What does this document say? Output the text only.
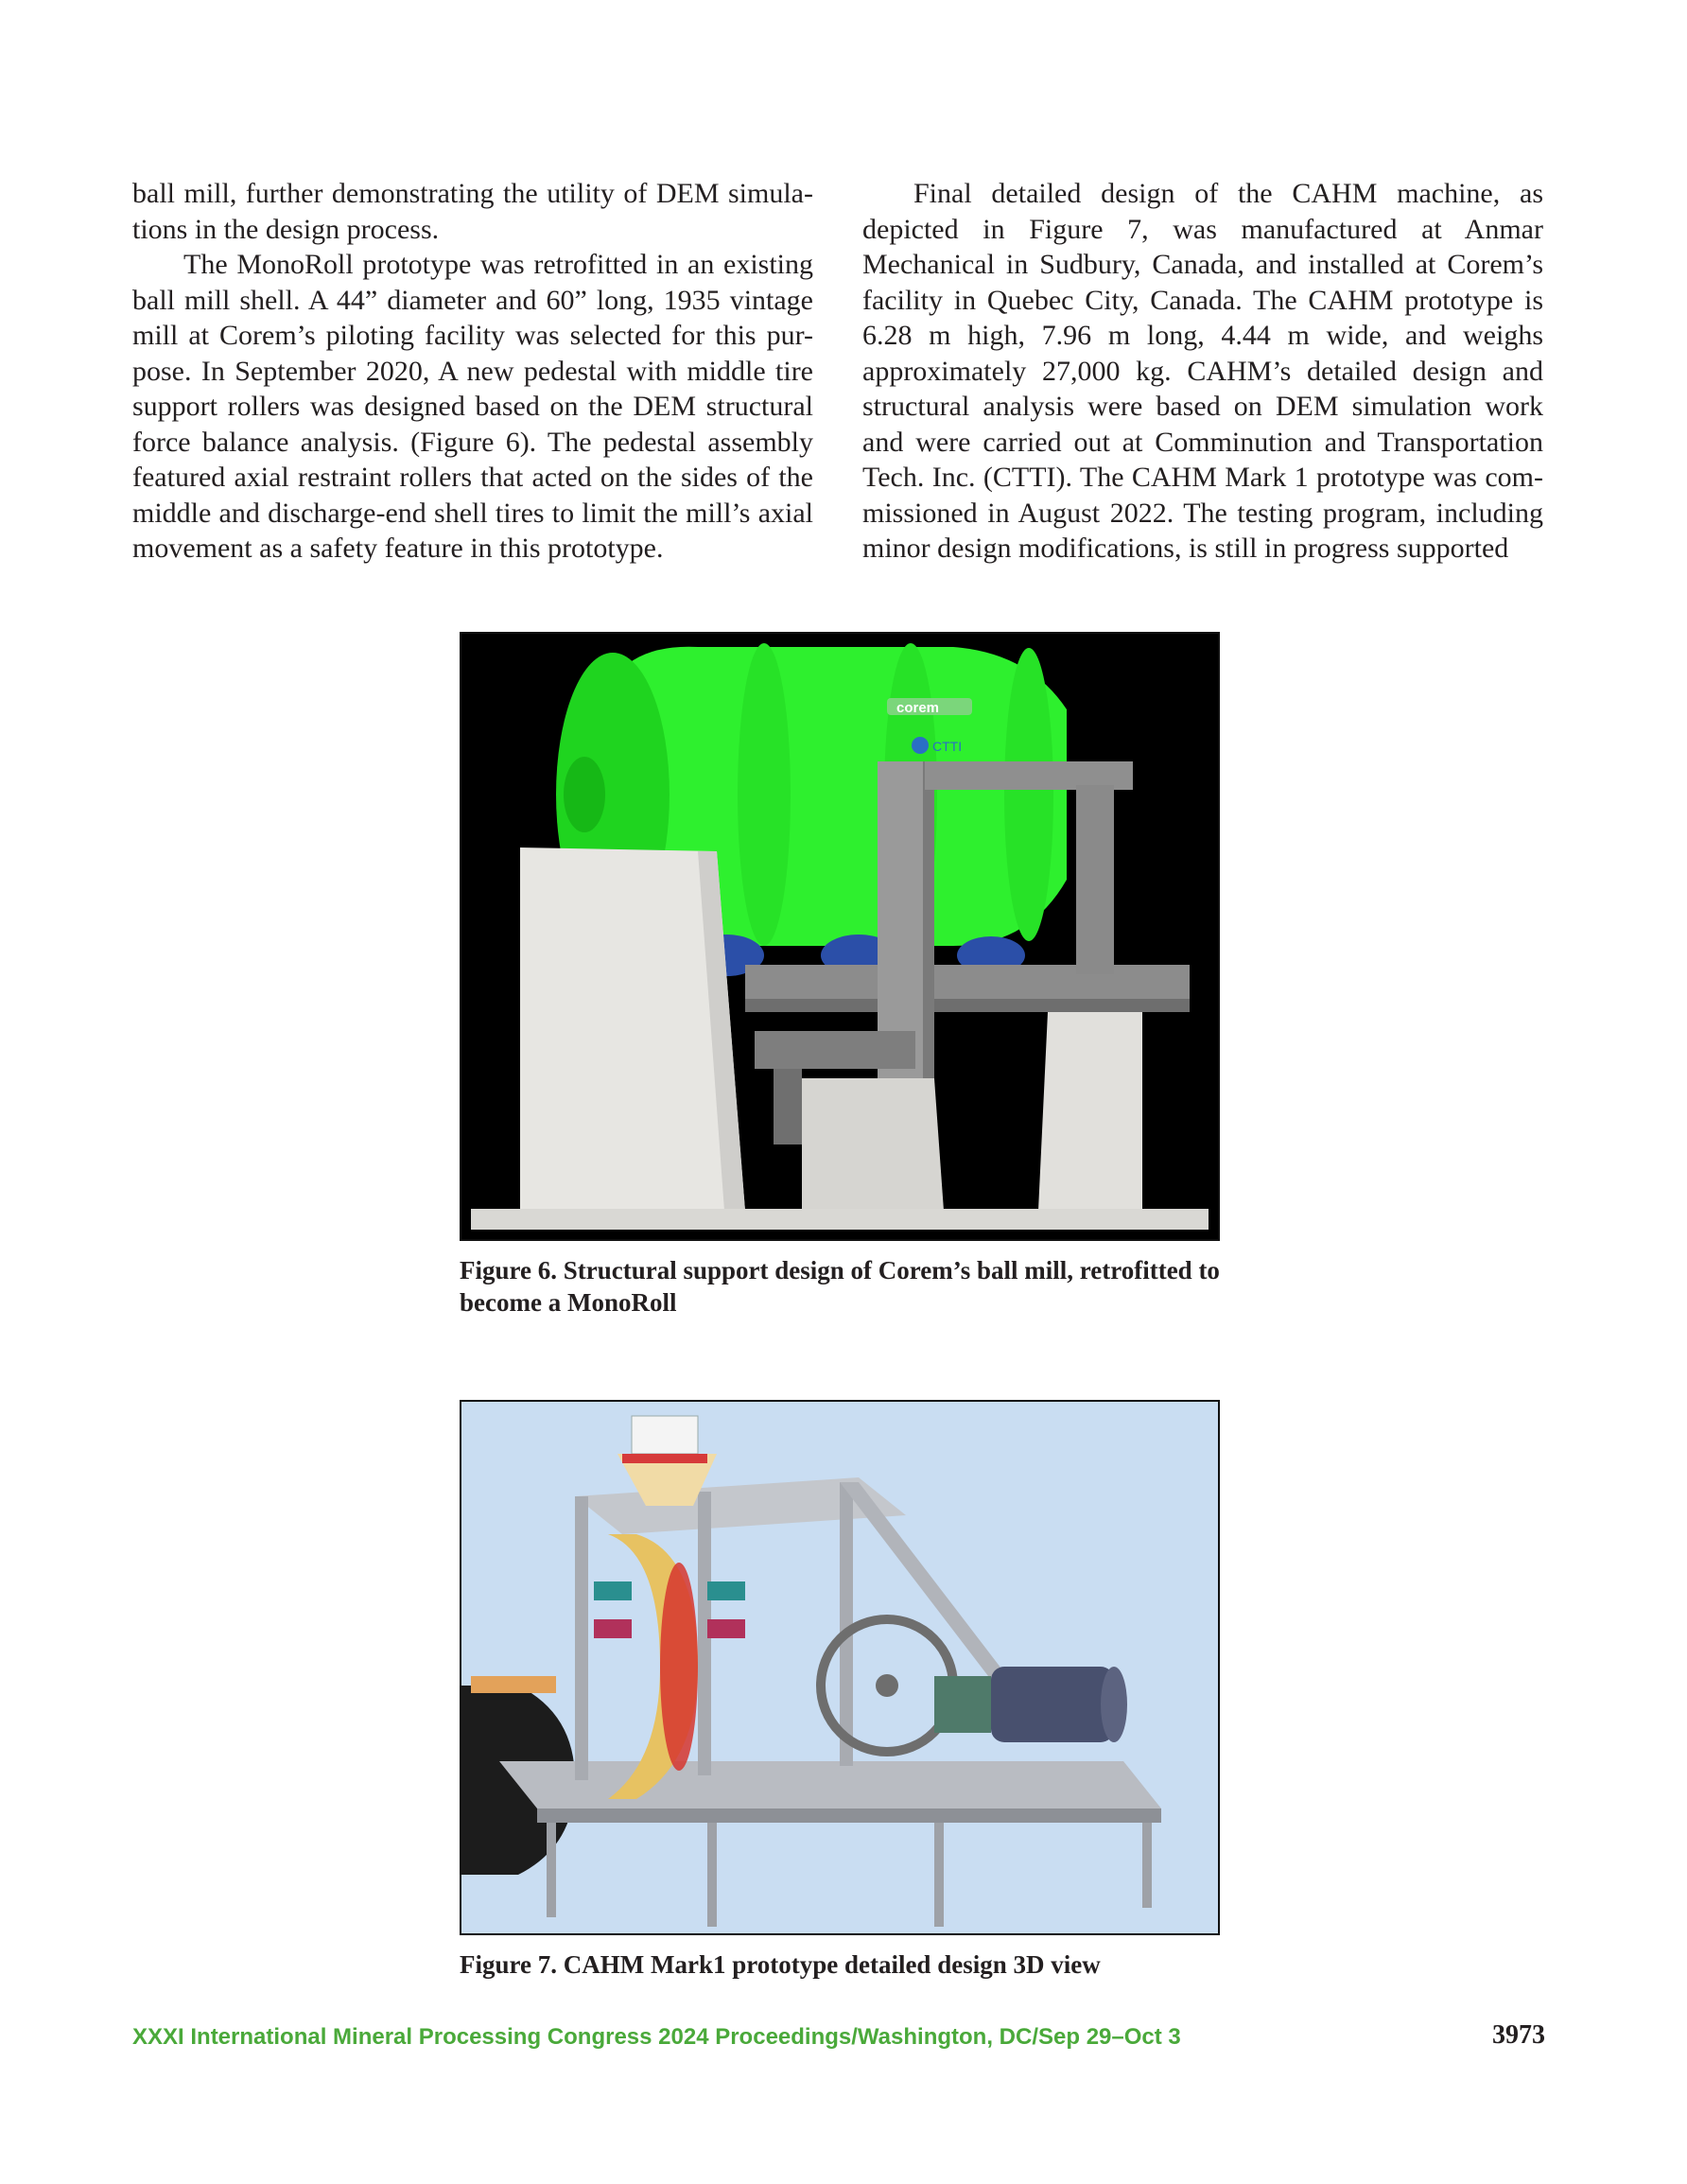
ball mill, further demonstrating the utility of DEM simula-tions in the design process.

The MonoRoll prototype was retrofitted in an existing ball mill shell. A 44” diameter and 60” long, 1935 vintage mill at Corem’s piloting facility was selected for this pur-pose. In September 2020, A new pedestal with middle tire support rollers was designed based on the DEM structural force balance analysis. (Figure 6). The pedestal assembly featured axial restraint rollers that acted on the sides of the middle and discharge-end shell tires to limit the mill’s axial movement as a safety feature in this prototype.

Final detailed design of the CAHM machine, as depicted in Figure 7, was manufactured at Anmar Mechanical in Sudbury, Canada, and installed at Corem’s facility in Quebec City, Canada. The CAHM prototype is 6.28 m high, 7.96 m long, 4.44 m wide, and weighs approximately 27,000 kg. CAHM’s detailed design and structural analysis were based on DEM simulation work and were carried out at Comminution and Transportation Tech. Inc. (CTTI). The CAHM Mark 1 prototype was com-missioned in August 2022. The testing program, including minor design modifications, is still in progress supported

corem
CTTI
Figure 6. Structural support design of Corem’s ball mill, retrofitted to become a MonoRoll
Figure 7. CAHM Mark1 prototype detailed design 3D view
XXXI International Mineral Processing Congress 2024 Proceedings/Washington, DC/Sep 29–Oct 3	3973
